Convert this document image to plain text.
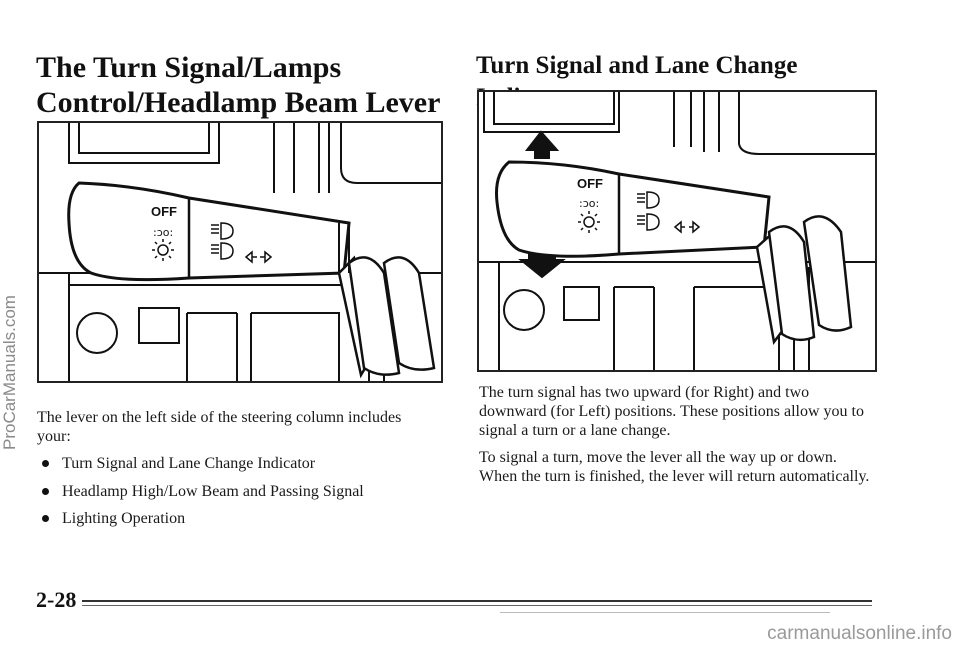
ProCarManuals.com
The Turn Signal/Lamps Control/Headlamp Beam Lever
Turn Signal and Lane Change
OFF
:ɔo:
OFF
:ɔo:

The lever on the left side of the steering column includes your:

Turn Signal and Lane Change Indicator
Headlamp High/Low Beam and Passing Signal
Lighting Operation

The turn signal has two upward (for Right) and two downward (for Left) positions. These positions allow you to signal a turn or a lane change.

To signal a turn, move the lever all the way up or down. When the turn is finished, the lever will return automatically.

2-28
carmanualsonline.info
